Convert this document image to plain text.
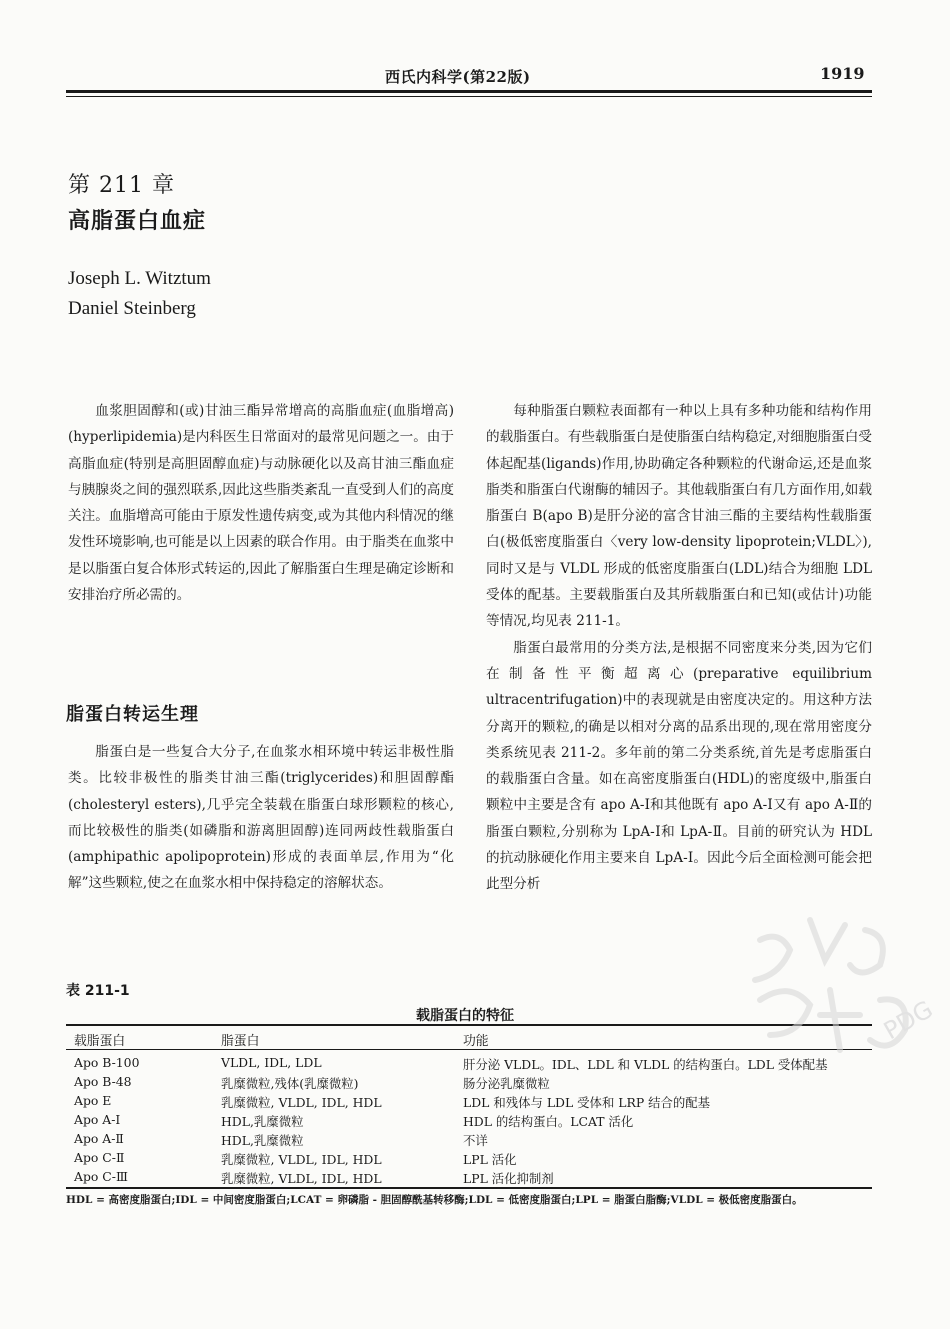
西氏内科学(第22版)	1919
第 211 章
高脂蛋白血症
Joseph L. Witztum
Daniel Steinberg

血浆胆固醇和(或)甘油三酯异常增高的高脂血症(血脂增高)(hyperlipidemia)是内科医生日常面对的最常见问题之一。由于高脂血症(特别是高胆固醇血症)与动脉硬化以及高甘油三酯血症与胰腺炎之间的强烈联系,因此这些脂类紊乱一直受到人们的高度关注。血脂增高可能由于原发性遗传病变,或为其他内科情况的继发性环境影响,也可能是以上因素的联合作用。由于脂类在血浆中是以脂蛋白复合体形式转运的,因此了解脂蛋白生理是确定诊断和安排治疗所必需的。

脂蛋白转运生理

脂蛋白是一些复合大分子,在血浆水相环境中转运非极性脂类。比较非极性的脂类甘油三酯(triglycerides)和胆固醇酯(cholesteryl esters),几乎完全装载在脂蛋白球形颗粒的核心,而比较极性的脂类(如磷脂和游离胆固醇)连同两歧性载脂蛋白(amphipathic apolipoprotein)形成的表面单层,作用为“化解”这些颗粒,使之在血浆水相中保持稳定的溶解状态。

每种脂蛋白颗粒表面都有一种以上具有多种功能和结构作用的载脂蛋白。有些载脂蛋白是使脂蛋白结构稳定,对细胞脂蛋白受体起配基(ligands)作用,协助确定各种颗粒的代谢命运,还是血浆脂类和脂蛋白代谢酶的辅因子。其他载脂蛋白有几方面作用,如载脂蛋白 B(apo B)是肝分泌的富含甘油三酯的主要结构性载脂蛋白(极低密度脂蛋白〈very low-density lipoprotein;VLDL〉),同时又是与 VLDL 形成的低密度脂蛋白(LDL)结合为细胞 LDL 受体的配基。主要载脂蛋白及其所载脂蛋白和已知(或估计)功能等情况,均见表 211-1。

脂蛋白最常用的分类方法,是根据不同密度来分类,因为它们在制备性平衡超离心(preparative equilibrium ultracentrifugation)中的表现就是由密度决定的。用这种方法分离开的颗粒,的确是以相对分离的品系出现的,现在常用密度分类系统见表 211-2。多年前的第二分类系统,首先是考虑脂蛋白的载脂蛋白含量。如在高密度脂蛋白(HDL)的密度级中,脂蛋白颗粒中主要是含有 apo A-Ⅰ和其他既有 apo A-Ⅰ又有 apo A-Ⅱ的脂蛋白颗粒,分别称为 LpA-Ⅰ和 LpA-Ⅱ。目前的研究认为 HDL 的抗动脉硬化作用主要来自 LpA-Ⅰ。因此今后全面检测可能会把此型分析

表 211-1
载脂蛋白的特征
载脂蛋白	脂蛋白	功能
Apo B-100	VLDL, IDL, LDL	肝分泌 VLDL。IDL、LDL 和 VLDL 的结构蛋白。LDL 受体配基
Apo B-48	乳糜微粒,残体(乳糜微粒)	肠分泌乳糜微粒
Apo E	乳糜微粒, VLDL, IDL, HDL	LDL 和残体与 LDL 受体和 LRP 结合的配基
Apo A-Ⅰ	HDL,乳糜微粒	HDL 的结构蛋白。LCAT 活化
Apo A-Ⅱ	HDL,乳糜微粒	不详
Apo C-Ⅱ	乳糜微粒, VLDL, IDL, HDL	LPL 活化
Apo C-Ⅲ	乳糜微粒, VLDL, IDL, HDL	LPL 活化抑制剂
HDL = 高密度脂蛋白;IDL = 中间密度脂蛋白;LCAT = 卵磷脂 - 胆固醇酰基转移酶;LDL = 低密度脂蛋白;LPL = 脂蛋白脂酶;VLDL = 极低密度脂蛋白。
PDG
